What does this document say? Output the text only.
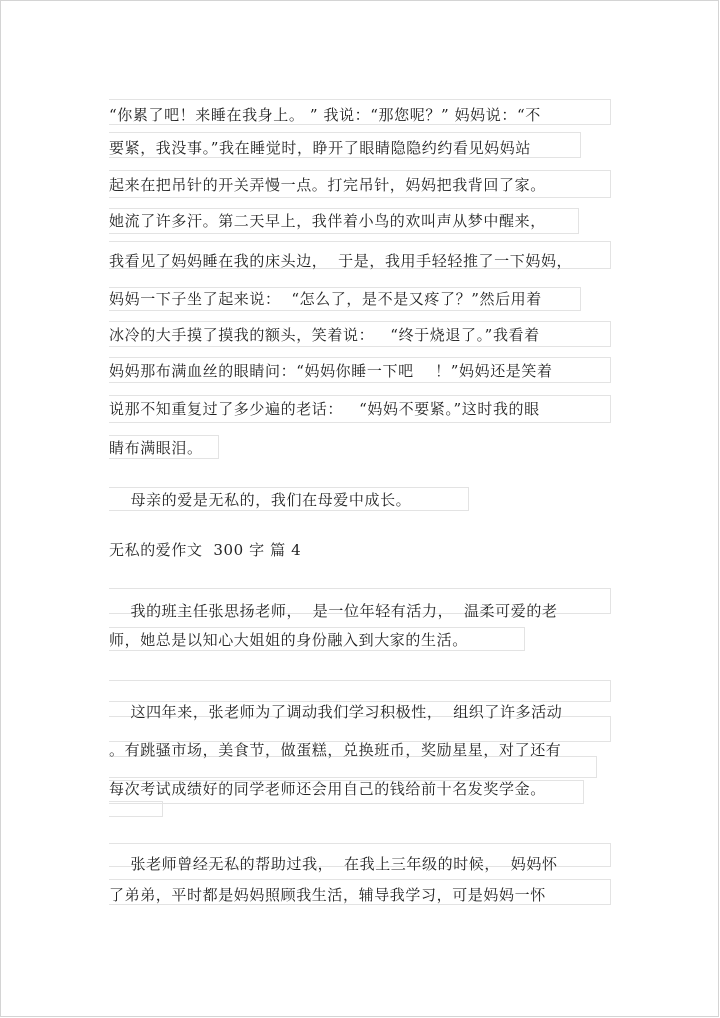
“你累了吧！来睡在我身上。 ” 我说：“那您呢？” 妈妈说：“不
要紧，我没事。”我在睡觉时，睁开了眼睛隐隐约约看见妈妈站
起来在把吊针的开关弄慢一点。打完吊针，妈妈把我背回了家。
她流了许多汗。第二天早上，我伴着小鸟的欢叫声从梦中醒来，
我看见了妈妈睡在我的床头边，  于是，我用手轻轻推了一下妈妈，
妈妈一下子坐了起来说：  “怎么了，是不是又疼了？”然后用着
冰冷的大手摸了摸我的额头，笑着说：   “终于烧退了。”我看着
妈妈那布满血丝的眼睛问：“妈妈你睡一下吧    ！”妈妈还是笑着
说那不知重复过了多少遍的老话：   “妈妈不要紧。”这时我的眼
睛布满眼泪。
母亲的爱是无私的，我们在母爱中成长。
无私的爱作文  300 字 篇 4
我的班主任张思扬老师，  是一位年轻有活力，  温柔可爱的老
师，她总是以知心大姐姐的身份融入到大家的生活。
这四年来，张老师为了调动我们学习积极性，  组织了许多活动
。有跳骚市场，美食节，做蛋糕，兑换班币，奖励星星，对了还有
每次考试成绩好的同学老师还会用自己的钱给前十名发奖学金。
张老师曾经无私的帮助过我，  在我上三年级的时候，  妈妈怀
了弟弟，平时都是妈妈照顾我生活，辅导我学习，可是妈妈一怀
